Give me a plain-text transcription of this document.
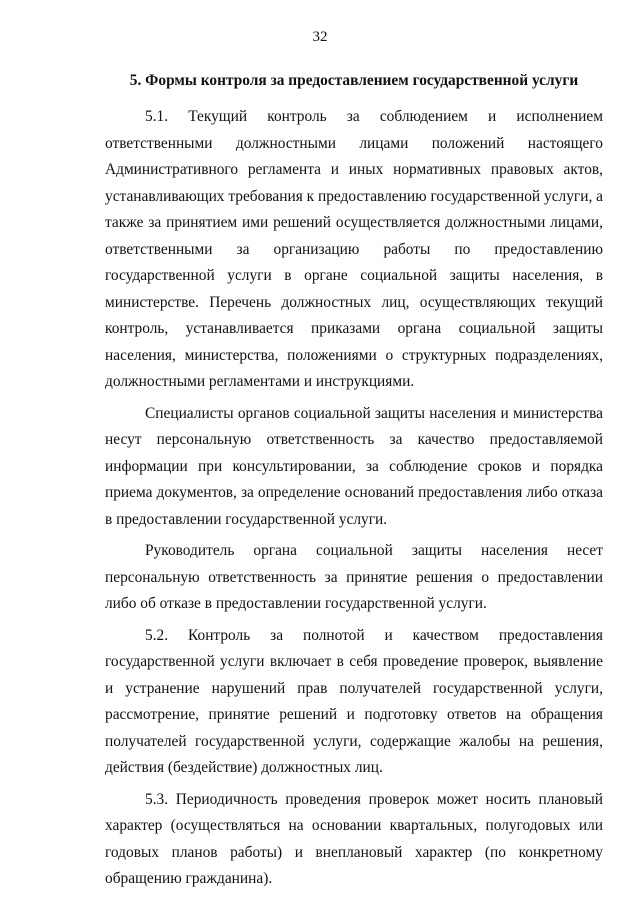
32
5. Формы контроля за предоставлением государственной услуги

5.1. Текущий контроль за соблюдением и исполнением ответственными должностными лицами положений настоящего Административного регламента и иных нормативных правовых актов, устанавливающих требования к предоставлению государственной услуги, а также за принятием ими решений осуществляется должностными лицами, ответственными за организацию работы по предоставлению государственной услуги в органе социальной защиты населения, в министерстве. Перечень должностных лиц, осуществляющих текущий контроль, устанавливается приказами органа социальной защиты населения, министерства, положениями о структурных подразделениях, должностными регламентами и инструкциями.

Специалисты органов социальной защиты населения и министерства несут персональную ответственность за качество предоставляемой информации при консультировании, за соблюдение сроков и порядка приема документов, за определение оснований предоставления либо отказа в предоставлении государственной услуги.

Руководитель органа социальной защиты населения несет персональную ответственность за принятие решения о предоставлении либо об отказе в предоставлении государственной услуги.

5.2. Контроль за полнотой и качеством предоставления государственной услуги включает в себя проведение проверок, выявление и устранение нарушений прав получателей государственной услуги, рассмотрение, принятие решений и подготовку ответов на обращения получателей государственной услуги, содержащие жалобы на решения, действия (бездействие) должностных лиц.

5.3. Периодичность проведения проверок может носить плановый характер (осуществляться на основании квартальных, полугодовых или годовых планов работы) и внеплановый характер (по конкретному обращению гражданина).
